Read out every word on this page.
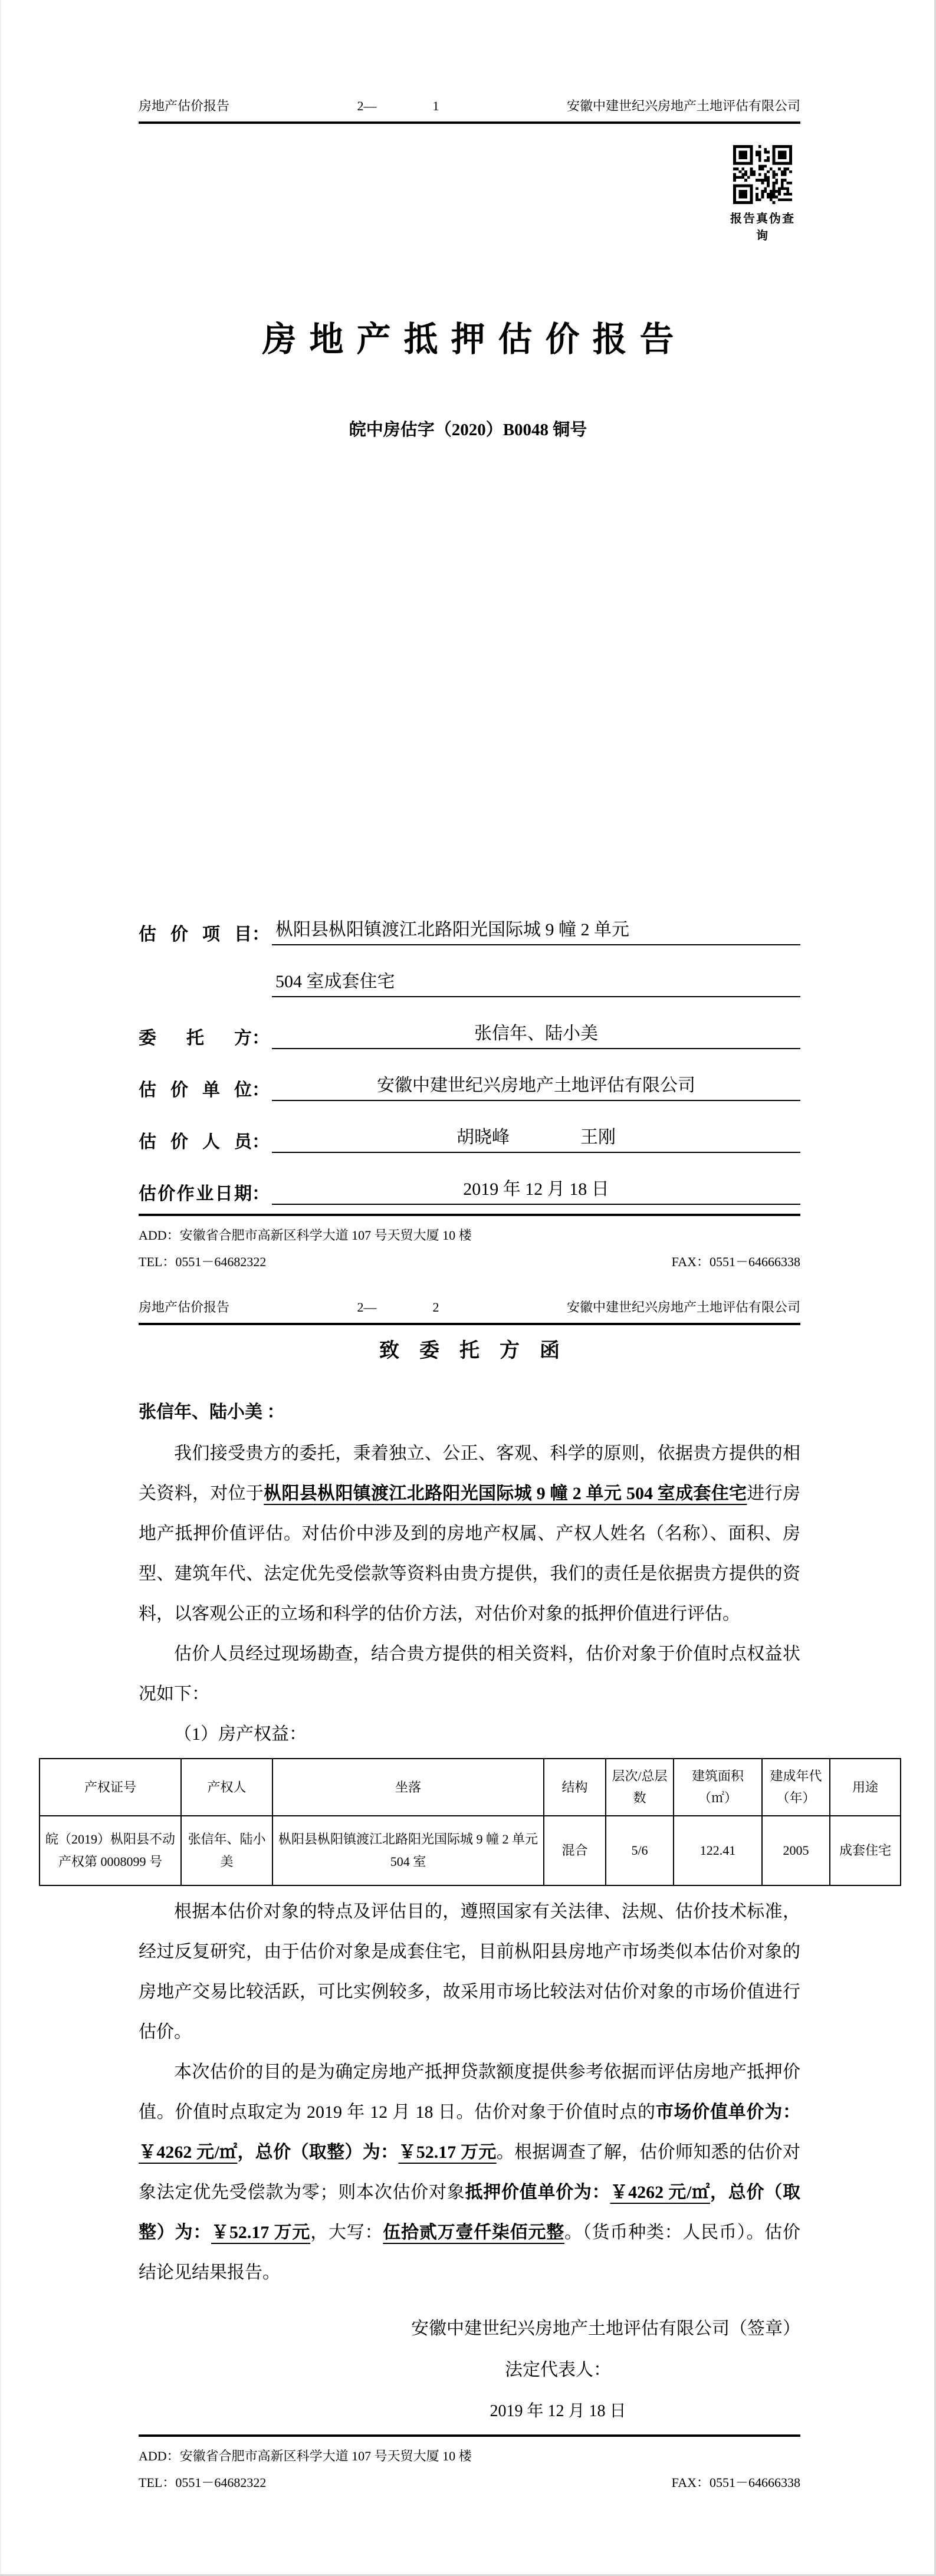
房地产估价报告	2—	1	安徽中建世纪兴房地产土地评估有限公司
报告真伪查询
房地产抵押估价报告
皖中房估字（2020）B0048 铜号
估价项目 ： 枞阳县枞阳镇渡江北路阳光国际城 9 幢 2 单元
504 室成套住宅
委托方 ：	张信年、陆小美
估价单位 ：	安徽中建世纪兴房地产土地评估有限公司
估价人员 ：	胡晓峰　　　　王刚
估价作业日期 ：	2019 年 12 月 18 日
ADD：安徽省合肥市高新区科学大道 107 号天贸大厦 10 楼
TEL：0551－64682322	FAX：0551－64666338
房地产估价报告	2—	2	安徽中建世纪兴房地产土地评估有限公司
致委托方函
张信年、陆小美 ：

我们接受贵方的委托，秉着独立、公正、客观、科学的原则，依据贵方提供的相关资料，对位于枞阳县枞阳镇渡江北路阳光国际城 9 幢 2 单元 504 室成套住宅进行房地产抵押价值评估。对估价中涉及到的房地产权属、产权人姓名（名称）、面积、房型、建筑年代、法定优先受偿款等资料由贵方提供，我们的责任是依据贵方提供的资料，以客观公正的立场和科学的估价方法，对估价对象的抵押价值进行评估。

估价人员经过现场勘查，结合贵方提供的相关资料，估价对象于价值时点权益状况如下：

（1）房产权益：

产权证号	产权人	坐落	结构	层次/总层数	建筑面积（㎡）	建成年代（年）	用途
皖（2019）枞阳县不动产权第 0008099 号	张信年、陆小美	枞阳县枞阳镇渡江北路阳光国际城 9 幢 2 单元 504 室	混合	5/6	122.41	2005	成套住宅

根据本估价对象的特点及评估目的，遵照国家有关法律、法规、估价技术标准，经过反复研究，由于估价对象是成套住宅，目前枞阳县房地产市场类似本估价对象的房地产交易比较活跃，可比实例较多，故采用市场比较法对估价对象的市场价值进行估价。

本次估价的目的是为确定房地产抵押贷款额度提供参考依据而评估房地产抵押价值。价值时点取定为 2019 年 12 月 18 日。估价对象于价值时点的市场价值单价为：￥4262 元/㎡，总价（取整）为：￥52.17 万元。根据调查了解，估价师知悉的估价对象法定优先受偿款为零；则本次估价对象抵押价值单价为：￥4262 元/㎡，总价（取整）为：￥52.17 万元，大写：伍拾贰万壹仟柒佰元整。（货币种类：人民币）。估价结论见结果报告。

安徽中建世纪兴房地产土地评估有限公司（签章）
法定代表人：
2019 年 12 月 18 日
ADD：安徽省合肥市高新区科学大道 107 号天贸大厦 10 楼
TEL：0551－64682322	FAX：0551－64666338
